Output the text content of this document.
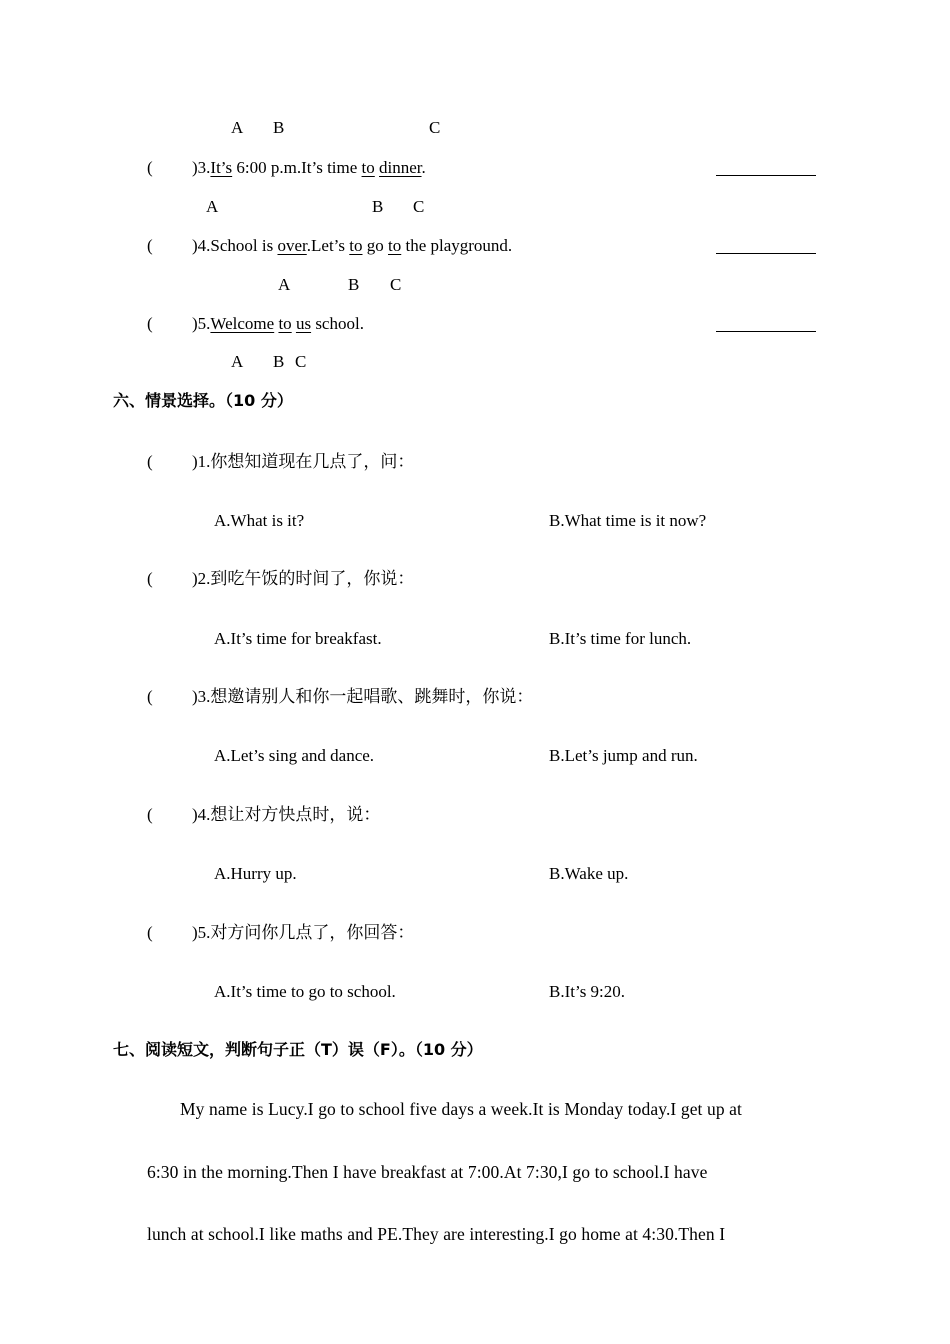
A B	C
( )3.It’s 6:00 p.m.It’s time to dinner.
A	B C
( )4.School is over.Let’s to go to the playground.
A	B C
( )5.Welcome to us school.
A B C
六、情景选择。（10 分）
( )1.你想知道现在几点了，问：
A.What is it?	B.What time is it now?
( )2.到吃午饭的时间了，你说：
A.It’s time for breakfast.	B.It’s time for lunch.
( )3.想邀请别人和你一起唱歌、跳舞时，你说：
A.Let’s sing and dance.	B.Let’s jump and run.
( )4.想让对方快点时，说：
A.Hurry up.	B.Wake up.
( )5.对方问你几点了，你回答：
A.It’s time to go to school.	B.It’s 9:20.
七、阅读短文，判断句子正（T）误（F）。（10 分）
My name is Lucy.I go to school five days a week.It is Monday today.I get up at
6:30 in the morning.Then I have breakfast at 7:00.At 7:30,I go to school.I have
lunch at school.I like maths and PE.They are interesting.I go home at 4:30.Then I
